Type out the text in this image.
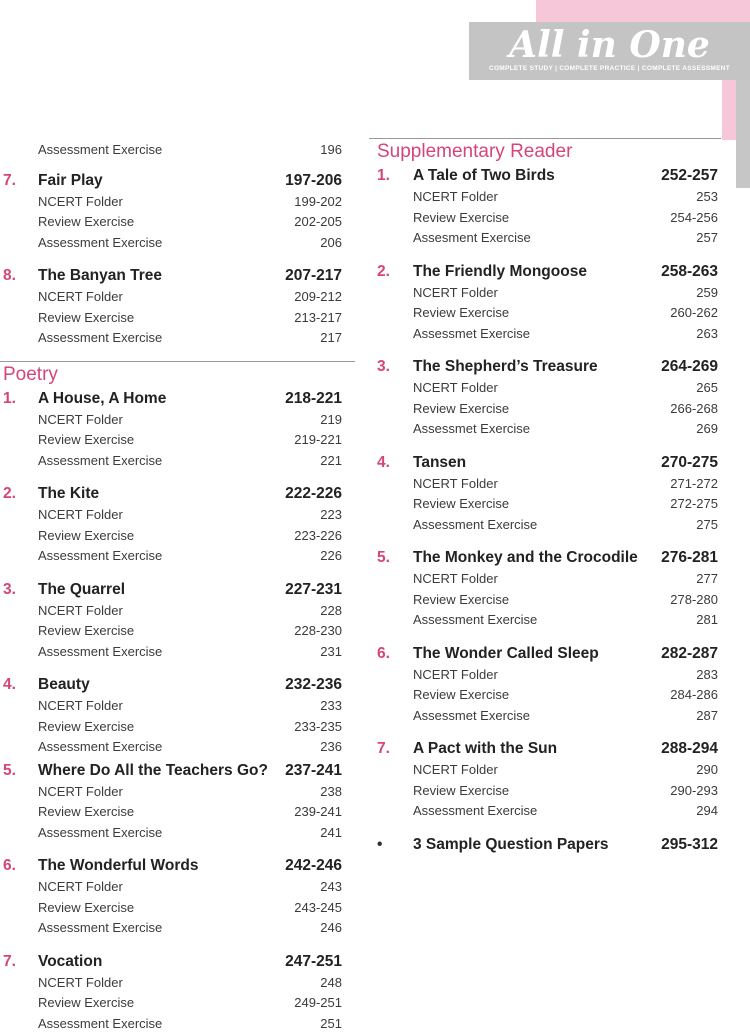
All in One
COMPLETE STUDY | COMPLETE PRACTICE | COMPLETE ASSESSMENT
Assessment Exercise	196
7.	Fair Play	197-206
NCERT Folder	199-202
Review Exercise	202-205
Assessment Exercise	206
8.	The Banyan Tree	207-217
NCERT Folder	209-212
Review Exercise	213-217
Assessment Exercise	217
Poetry
1.	A House, A Home	218-221
NCERT Folder	219
Review Exercise	219-221
Assessment Exercise	221
2.	The Kite	222-226
NCERT Folder	223
Review Exercise	223-226
Assessment Exercise	226
3.	The Quarrel	227-231
NCERT Folder	228
Review Exercise	228-230
Assessment Exercise	231
4.	Beauty	232-236
NCERT Folder	233
Review Exercise	233-235
Assessment Exercise	236
5.	Where Do All the Teachers Go?	237-241
NCERT Folder	238
Review Exercise	239-241
Assessment Exercise	241
6.	The Wonderful Words	242-246
NCERT Folder	243
Review Exercise	243-245
Assessment Exercise	246
7.	Vocation	247-251
NCERT Folder	248
Review Exercise	249-251
Assessment Exercise	251
Supplementary Reader
1.	A Tale of Two Birds	252-257
NCERT Folder	253
Review Exercise	254-256
Assesment Exercise	257
2.	The Friendly Mongoose	258-263
NCERT Folder	259
Review Exercise	260-262
Assessmet Exercise	263
3.	The Shepherd’s Treasure	264-269
NCERT Folder	265
Review Exercise	266-268
Assessmet Exercise	269
4.	Tansen	270-275
NCERT Folder	271-272
Review Exercise	272-275
Assessment Exercise	275
5.	The Monkey and the Crocodile	276-281
NCERT Folder	277
Review Exercise	278-280
Assessment Exercise	281
6.	The Wonder Called Sleep	282-287
NCERT Folder	283
Review Exercise	284-286
Assessmet Exercise	287
7.	A Pact with the Sun	288-294
NCERT Folder	290
Review Exercise	290-293
Assessment Exercise	294
•	3 Sample Question Papers	295-312
